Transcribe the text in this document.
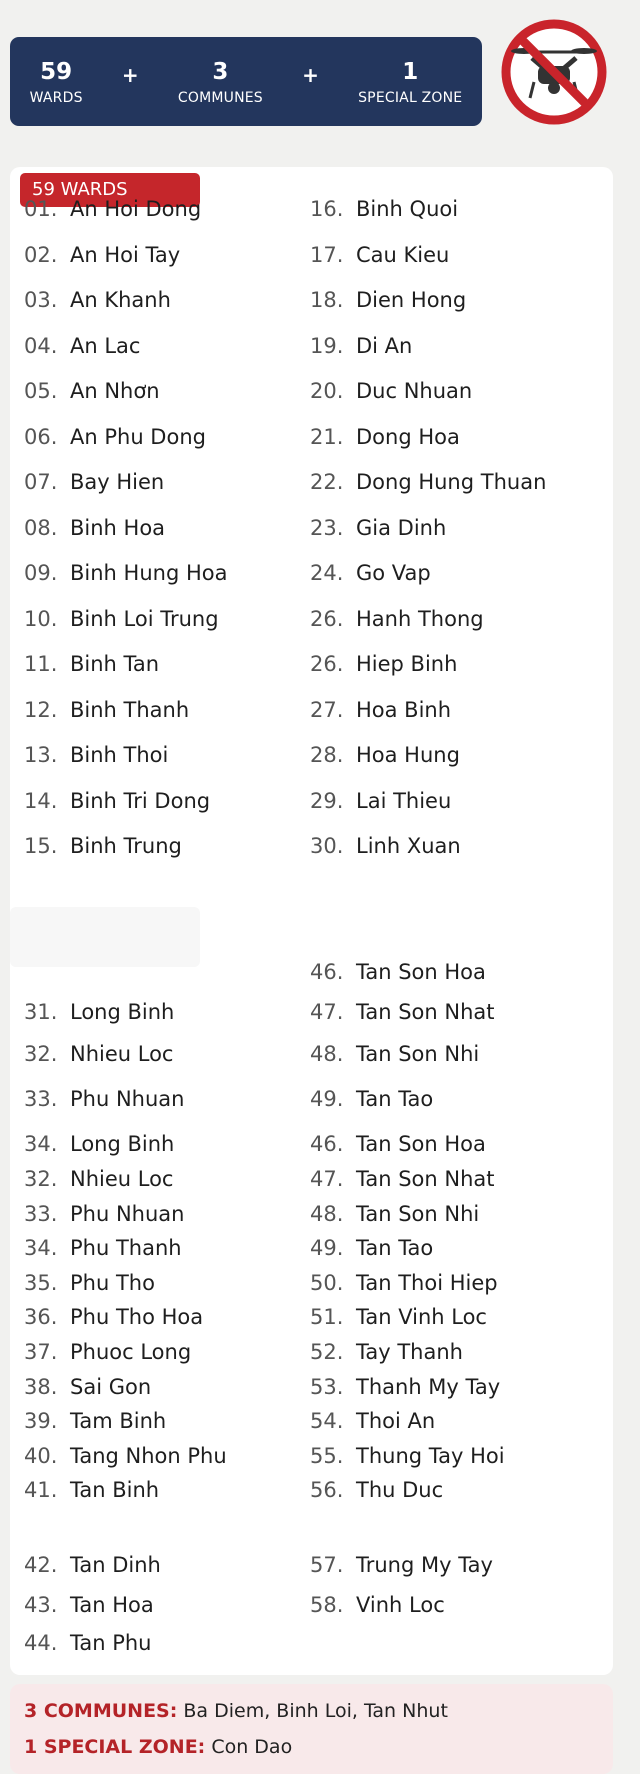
59
WARDS
+	3
COMMUNES
+	1
SPECIAL ZONE
59 WARDS
01. An Hoi Dong
02. An Hoi Tay
03. An Khanh
04. An Lac
05. An Nhơn
06. An Phu Dong
07. Bay Hien
08. Binh Hoa
09. Binh Hung Hoa
10. Binh Loi Trung
11. Binh Tan
12. Binh Thanh
13. Binh Thoi
14. Binh Tri Dong
15. Binh Trung
16. Binh Quoi
17. Cau Kieu
18. Dien Hong
19. Di An
20. Duc Nhuan
21. Dong Hoa
22. Dong Hung Thuan
23. Gia Dinh
24. Go Vap
26. Hanh Thong
26. Hiep Binh
27. Hoa Binh
28. Hoa Hung
29. Lai Thieu
30. Linh Xuan
46. Tan Son Hoa
31. Long Binh	47. Tan Son Nhat
32. Nhieu Loc	48. Tan Son Nhi
33. Phu Nhuan	49. Tan Tao
34. Long Binh	46. Tan Son Hoa
32. Nhieu Loc	47. Tan Son Nhat
33. Phu Nhuan	48. Tan Son Nhi
34. Phu Thanh	49. Tan Tao
35. Phu Tho	50. Tan Thoi Hiep
36. Phu Tho Hoa	51. Tan Vinh Loc
37. Phuoc Long	52. Tay Thanh
38. Sai Gon	53. Thanh My Tay
39. Tam Binh	54. Thoi An
40. Tang Nhon Phu	55. Thung Tay Hoi
41. Tan Binh	56. Thu Duc
42. Tan Dinh	57. Trung My Tay
43. Tan Hoa	58. Vinh Loc
44. Tan Phu
3 COMMUNES: Ba Diem, Binh Loi, Tan Nhut
1 SPECIAL ZONE: Con Dao
